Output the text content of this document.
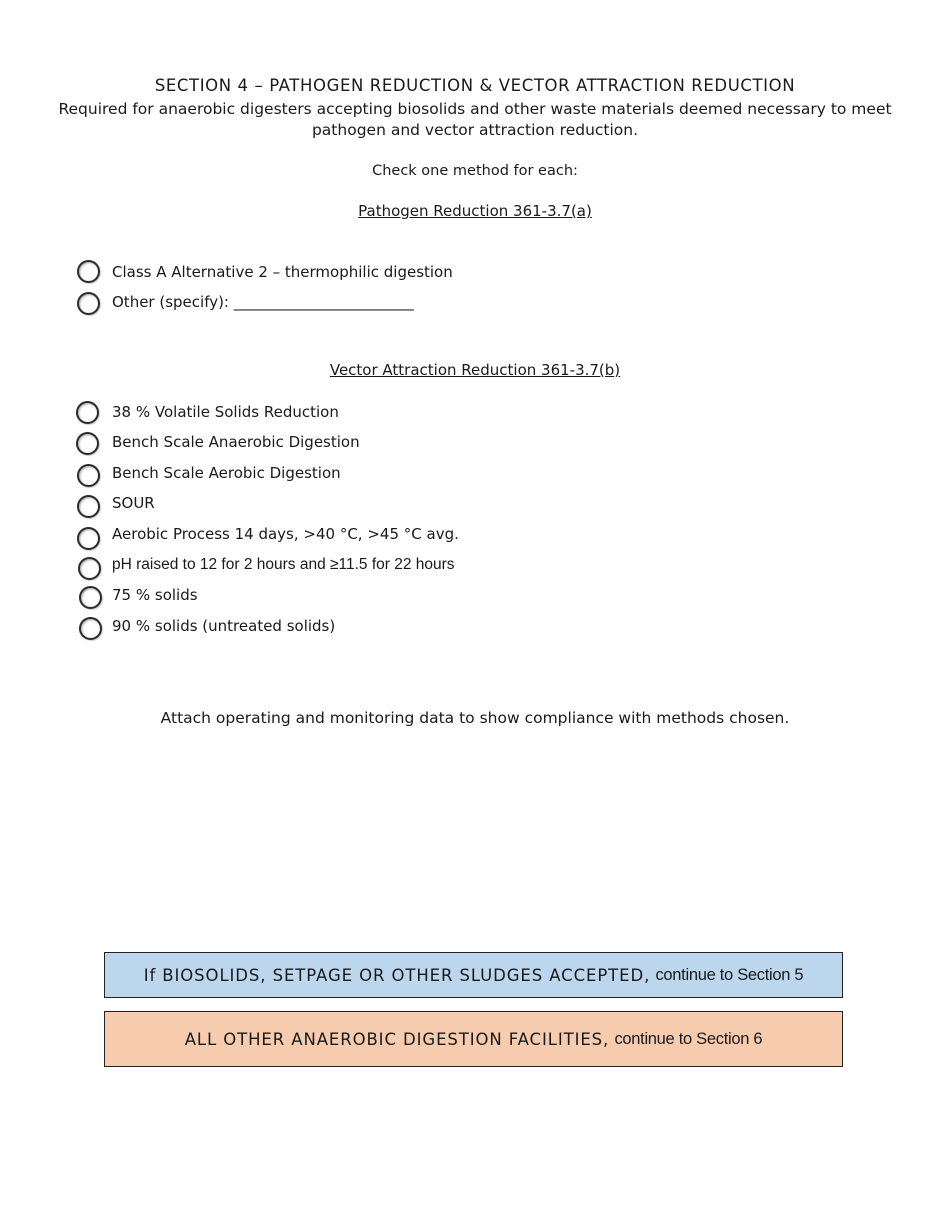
SECTION 4 – PATHOGEN REDUCTION & VECTOR ATTRACTION REDUCTION
Required for anaerobic digesters accepting biosolids and other waste materials deemed necessary to meet pathogen and vector attraction reduction.
Check one method for each:
Pathogen Reduction 361-3.7(a)
Class A Alternative 2 – thermophilic digestion
Other (specify): ________________________
Vector Attraction Reduction 361-3.7(b)
38 % Volatile Solids Reduction
Bench Scale Anaerobic Digestion
Bench Scale Aerobic Digestion
SOUR
Aerobic Process 14 days, >40 °C, >45 °C avg.
pH raised to 12 for 2 hours and ≥11.5 for 22 hours
75 % solids
90 % solids (untreated solids)
Attach operating and monitoring data to show compliance with methods chosen.
If BIOSOLIDS, SETPAGE OR OTHER SLUDGES ACCEPTED,
continue to Section 5
ALL OTHER ANAEROBIC DIGESTION FACILITIES,
continue to Section 6
